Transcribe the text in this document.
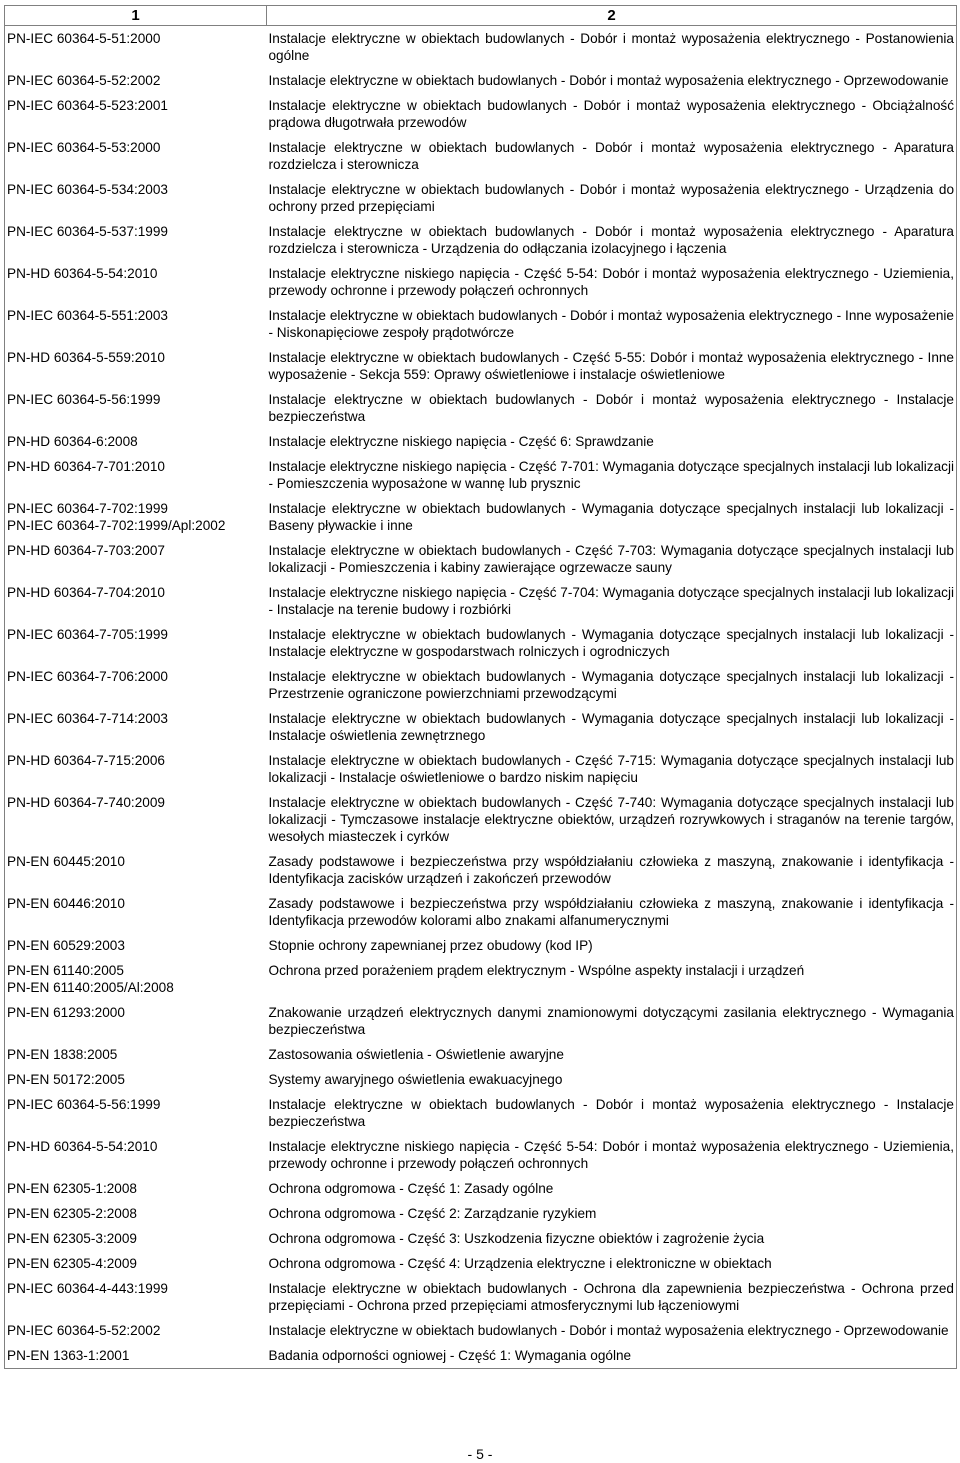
1	2
PN-IEC 60364-5-51:2000	Instalacje elektryczne w obiektach budowlanych - Dobór i montaż wyposażenia elektrycznego - Postanowienia ogólne
PN-IEC 60364-5-52:2002	Instalacje elektryczne w obiektach budowlanych - Dobór i montaż wyposażenia elektrycznego - Oprzewodowanie
PN-IEC 60364-5-523:2001	Instalacje elektryczne w obiektach budowlanych - Dobór i montaż wyposażenia elektrycznego - Obciążalność prądowa długotrwała przewodów
PN-IEC 60364-5-53:2000	Instalacje elektryczne w obiektach budowlanych - Dobór i montaż wyposażenia elektrycznego - Aparatura rozdzielcza i sterownicza
PN-IEC 60364-5-534:2003	Instalacje elektryczne w obiektach budowlanych - Dobór i montaż wyposażenia elektrycznego - Urządzenia do ochrony przed przepięciami
PN-IEC 60364-5-537:1999	Instalacje elektryczne w obiektach budowlanych - Dobór i montaż wyposażenia elektrycznego - Aparatura rozdzielcza i sterownicza - Urządzenia do odłączania izolacyjnego i łączenia
PN-HD 60364-5-54:2010	Instalacje elektryczne niskiego napięcia - Część 5-54: Dobór i montaż wyposażenia elektrycznego - Uziemienia, przewody ochronne i przewody połączeń ochronnych
PN-IEC 60364-5-551:2003	Instalacje elektryczne w obiektach budowlanych - Dobór i montaż wyposażenia elektrycznego - Inne wyposażenie - Niskonapięciowe zespoły prądotwórcze
PN-HD 60364-5-559:2010	Instalacje elektryczne w obiektach budowlanych - Część 5-55: Dobór i montaż wyposażenia elektrycznego - Inne wyposażenie - Sekcja 559: Oprawy oświetleniowe i instalacje oświetleniowe
PN-IEC 60364-5-56:1999	Instalacje elektryczne w obiektach budowlanych - Dobór i montaż wyposażenia elektrycznego - Instalacje bezpieczeństwa
PN-HD 60364-6:2008	Instalacje elektryczne niskiego napięcia - Część 6: Sprawdzanie
PN-HD 60364-7-701:2010	Instalacje elektryczne niskiego napięcia - Część 7-701: Wymagania dotyczące specjalnych instalacji lub lokalizacji - Pomieszczenia wyposażone w wannę lub prysznic
PN-IEC 60364-7-702:1999
PN-IEC 60364-7-702:1999/Apl:2002	Instalacje elektryczne w obiektach budowlanych - Wymagania dotyczące specjalnych instalacji lub lokalizacji - Baseny pływackie i inne
PN-HD 60364-7-703:2007	Instalacje elektryczne w obiektach budowlanych - Część 7-703: Wymagania dotyczące specjalnych instalacji lub lokalizacji - Pomieszczenia i kabiny zawierające ogrzewacze sauny
PN-HD 60364-7-704:2010	Instalacje elektryczne niskiego napięcia - Część 7-704: Wymagania dotyczące specjalnych instalacji lub lokalizacji - Instalacje na terenie budowy i rozbiórki
PN-IEC 60364-7-705:1999	Instalacje elektryczne w obiektach budowlanych - Wymagania dotyczące specjalnych instalacji lub lokalizacji - Instalacje elektryczne w gospodarstwach rolniczych i ogrodniczych
PN-IEC 60364-7-706:2000	Instalacje elektryczne w obiektach budowlanych - Wymagania dotyczące specjalnych instalacji lub lokalizacji - Przestrzenie ograniczone powierzchniami przewodzącymi
PN-IEC 60364-7-714:2003	Instalacje elektryczne w obiektach budowlanych - Wymagania dotyczące specjalnych instalacji lub lokalizacji - Instalacje oświetlenia zewnętrznego
PN-HD 60364-7-715:2006	Instalacje elektryczne w obiektach budowlanych - Część 7-715: Wymagania dotyczące specjalnych instalacji lub lokalizacji - Instalacje oświetleniowe o bardzo niskim napięciu
PN-HD 60364-7-740:2009	Instalacje elektryczne w obiektach budowlanych - Część 7-740: Wymagania dotyczące specjalnych instalacji lub lokalizacji - Tymczasowe instalacje elektryczne obiektów, urządzeń rozrywkowych i straganów na terenie targów, wesołych miasteczek i cyrków
PN-EN 60445:2010	Zasady podstawowe i bezpieczeństwa przy współdziałaniu człowieka z maszyną, znakowanie i identyfikacja - Identyfikacja zacisków urządzeń i zakończeń przewodów
PN-EN 60446:2010	Zasady podstawowe i bezpieczeństwa przy współdziałaniu człowieka z maszyną, znakowanie i identyfikacja - Identyfikacja przewodów kolorami albo znakami alfanumerycznymi
PN-EN 60529:2003	Stopnie ochrony zapewnianej przez obudowy (kod IP)
PN-EN 61140:2005
PN-EN 61140:2005/Al:2008	Ochrona przed porażeniem prądem elektrycznym - Wspólne aspekty instalacji i urządzeń
PN-EN 61293:2000	Znakowanie urządzeń elektrycznych danymi znamionowymi dotyczącymi zasilania elektrycznego - Wymagania bezpieczeństwa
PN-EN 1838:2005	Zastosowania oświetlenia - Oświetlenie awaryjne
PN-EN 50172:2005	Systemy awaryjnego oświetlenia ewakuacyjnego
PN-IEC 60364-5-56:1999	Instalacje elektryczne w obiektach budowlanych - Dobór i montaż wyposażenia elektrycznego - Instalacje bezpieczeństwa
PN-HD 60364-5-54:2010	Instalacje elektryczne niskiego napięcia - Część 5-54: Dobór i montaż wyposażenia elektrycznego - Uziemienia, przewody ochronne i przewody połączeń ochronnych
PN-EN 62305-1:2008	Ochrona odgromowa - Część 1: Zasady ogólne
PN-EN 62305-2:2008	Ochrona odgromowa - Część 2: Zarządzanie ryzykiem
PN-EN 62305-3:2009	Ochrona odgromowa - Część 3: Uszkodzenia fizyczne obiektów i zagrożenie życia
PN-EN 62305-4:2009	Ochrona odgromowa - Część 4: Urządzenia elektryczne i elektroniczne w obiektach
PN-IEC 60364-4-443:1999	Instalacje elektryczne w obiektach budowlanych - Ochrona dla zapewnienia bezpieczeństwa - Ochrona przed przepięciami - Ochrona przed przepięciami atmosferycznymi lub łączeniowymi
PN-IEC 60364-5-52:2002	Instalacje elektryczne w obiektach budowlanych - Dobór i montaż wyposażenia elektrycznego - Oprzewodowanie
PN-EN 1363-1:2001	Badania odporności ogniowej - Część 1: Wymagania ogólne
- 5 -
